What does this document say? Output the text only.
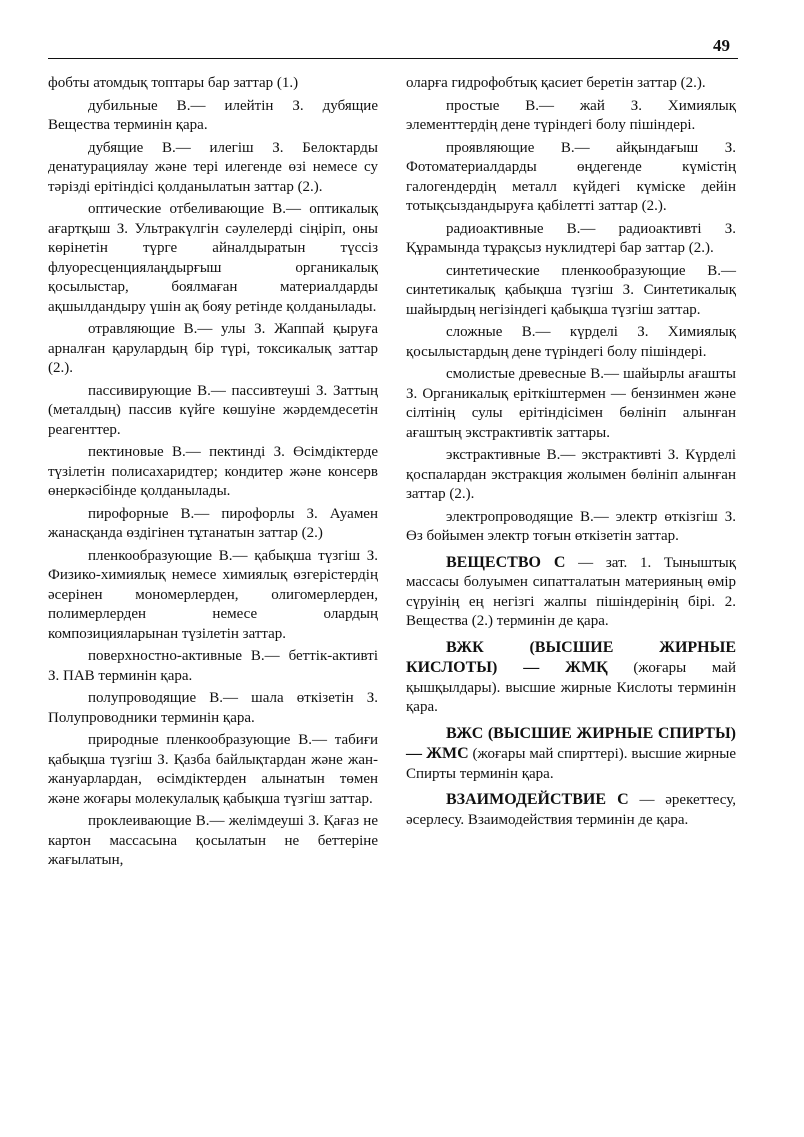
49

фобты атомдық топтары бар заттар (1.)

дубильные В.— илейтін З. дубящие Вещества терминін қара.

дубящие В.— илегіш З. Белоктарды денатурациялау және тері илегенде өзі немесе су тәрізді ерітіндісі қолданылатын заттар (2.).

оптические отбеливающие В.— оптикалық ағартқыш З. Ультракүлгін сәулелерді сіңіріп, оны көрінетін түрге айналдыратын түссіз флуоресценциялаңдырғыш органикалық қосылыстар, боялмаған материалдарды ақшылдандыру үшін ақ бояу ретінде қолданылады.

отравляющие В.— улы З. Жаппай қыруға арналған қарулардың бір түрі, токсикалық заттар (2.).

пассивирующие В.— пассивтеуші З. Заттың (металдың) пассив күйге көшуіне жәрдемдесетін реагенттер.

пектиновые В.— пектинді З. Өсімдіктерде түзілетін полисахаридтер; кондитер және консерв өнеркәсібінде қолданылады.

пирофорные В.— пирофорлы З. Ауамен жанасқанда өздігінен тұтанатын заттар (2.)

пленкообразующие В.— қабықша түзгіш З. Физико-химиялық немесе химиялық өзгерістердің әсерінен мономерлерден, олигомерлерден, полимерлерден немесе олардың композицияларынан түзілетін заттар.

поверхностно-активные В.— беттік-активті З. ПАВ терминін қара.

полупроводящие В.— шала өткізетін З. Полупроводники терминін қара.

природные пленкообразующие В.— табиғи қабықша түзгіш З. Қазба байлықтардан және жан-жануарлардан, өсімдіктерден алынатын төмен және жоғары молекулалық қабықша түзгіш заттар.

проклеивающие В.— желімдеуші З. Қағаз не картон массасына қосылатын не беттеріне жағылатын,

оларға гидрофобтық қасиет беретін заттар (2.).

простые В.— жай З. Химиялық элементтердің дене түріндегі болу пішіндері.

проявляющие В.— айқындағыш З. Фотоматериалдарды өңдегенде күмістің галогендердің металл күйдегі күміске дейін тотықсыздандыруға қабілетті заттар (2.).

радиоактивные В.— радиоактивті З. Құрамында тұрақсыз нуклидтері бар заттар (2.).

синтетические пленкообразующие В.— синтетикалық қабықша түзгіш З. Синтетикалық шайырдың негізіндегі қабықша түзгіш заттар.

сложные В.— күрделі З. Химиялық қосылыстардың дене түріндегі болу пішіндері.

смолистые древесные В.— шайырлы ағашты З. Органикалық еріткіштермен — бензинмен және сілтінің сулы ерітіндісімен бөлініп алынған ағаштың экстрактивтік заттары.

экстрактивные В.— экстрактивті З. Күрделі қоспалардан экстракция жолымен бөлініп алынған заттар (2.).

электропроводящие В.— электр өткізгіш З. Өз бойымен электр тоғын өткізетін заттар.

ВЕЩЕСТВО С — зат. 1. Тыныштық массасы болуымен сипатталатын материяның өмір сүруінің ең негізгі жалпы пішіндерінің бірі. 2. Вещества (2.) терминін де қара.

ВЖК (ВЫСШИЕ ЖИРНЫЕ КИСЛОТЫ) — ЖМҚ (жоғары май қышқылдары). высшие жирные Кислоты терминін қара.

ВЖС (ВЫСШИЕ ЖИРНЫЕ СПИРТЫ) — ЖМС (жоғары май спирттері). высшие жирные Спирты терминін қара.

ВЗАИМОДЕЙСТВИЕ С — әрекеттесу, әсерлесу. Взаимодействия терминін де қара.
